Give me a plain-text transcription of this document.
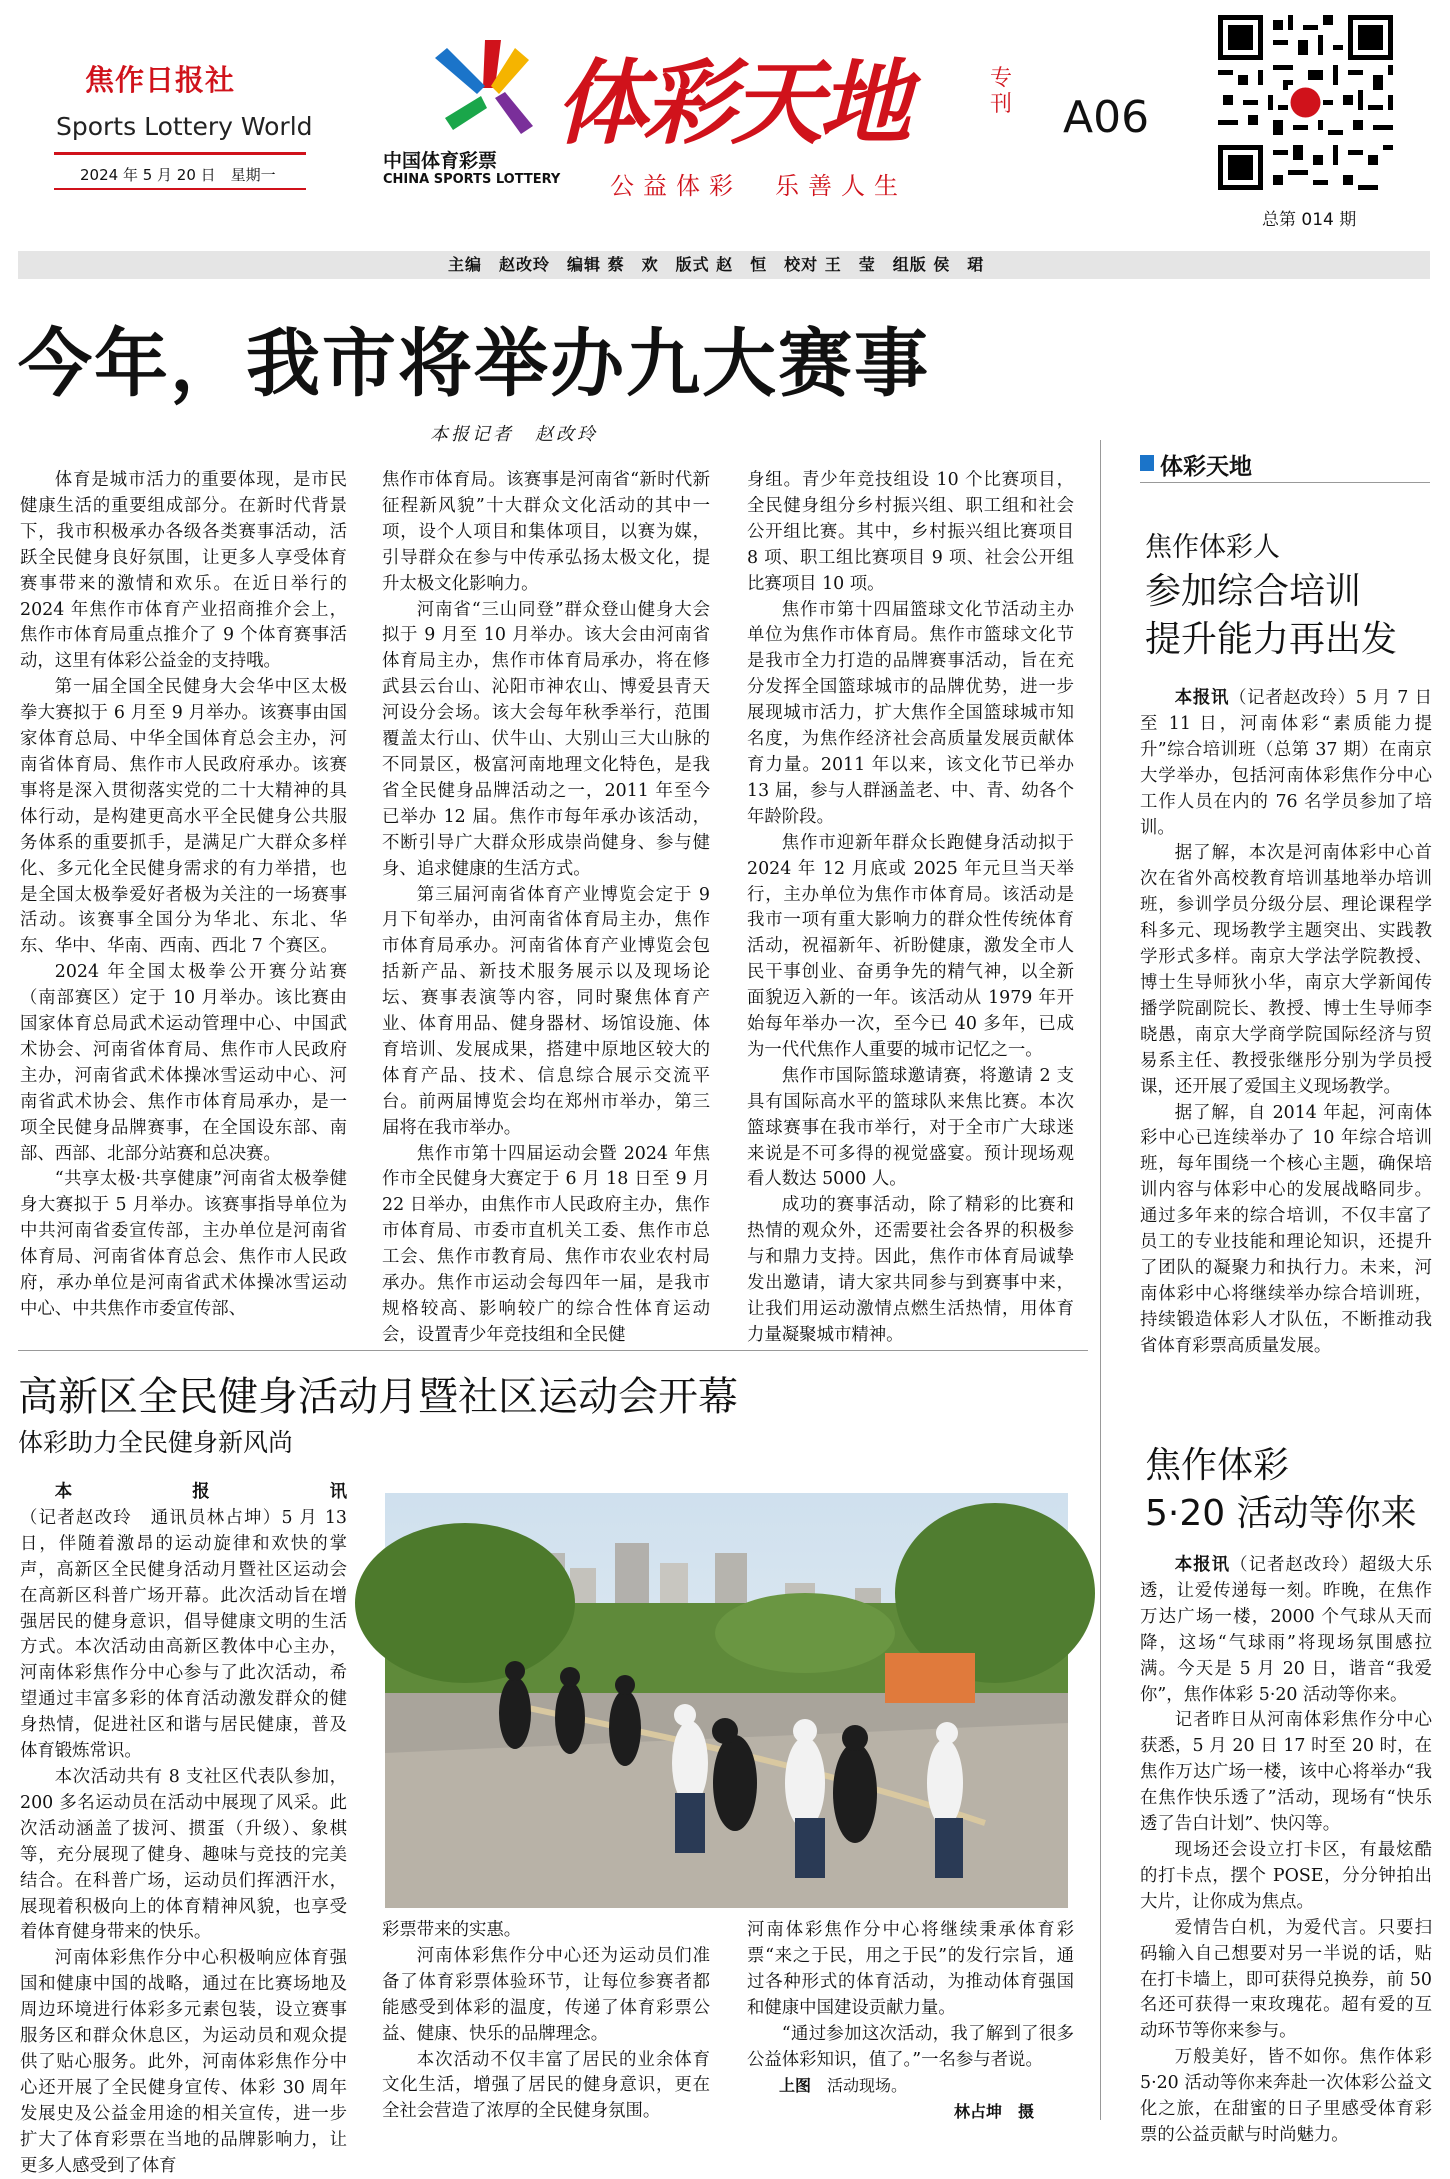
焦作日报社
Sports Lottery World
2024 年 5 月 20 日　星期一
中国体育彩票
CHINA SPORTS LOTTERY
体彩天地	专刊
公益体彩　乐善人生
A06
总第 014 期
主编　赵改玲　编辑 蔡　欢　版式 赵　恒　校对 王　莹　组版 侯　珺
今年，我市将举办九大赛事
本报记者　赵改玲

体育是城市活力的重要体现，是市民健康生活的重要组成部分。在新时代背景下，我市积极承办各级各类赛事活动，活跃全民健身良好氛围，让更多人享受体育赛事带来的激情和欢乐。在近日举行的 2024 年焦作市体育产业招商推介会上，焦作市体育局重点推介了 9 个体育赛事活动，这里有体彩公益金的支持哦。

第一届全国全民健身大会华中区太极拳大赛拟于 6 月至 9 月举办。该赛事由国家体育总局、中华全国体育总会主办，河南省体育局、焦作市人民政府承办。该赛事将是深入贯彻落实党的二十大精神的具体行动，是构建更高水平全民健身公共服务体系的重要抓手，是满足广大群众多样化、多元化全民健身需求的有力举措，也是全国太极拳爱好者极为关注的一场赛事活动。该赛事全国分为华北、东北、华东、华中、华南、西南、西北 7 个赛区。

2024 年全国太极拳公开赛分站赛（南部赛区）定于 10 月举办。该比赛由国家体育总局武术运动管理中心、中国武术协会、河南省体育局、焦作市人民政府主办，河南省武术体操冰雪运动中心、河南省武术协会、焦作市体育局承办，是一项全民健身品牌赛事，在全国设东部、南部、西部、北部分站赛和总决赛。

“共享太极·共享健康”河南省太极拳健身大赛拟于 5 月举办。该赛事指导单位为中共河南省委宣传部，主办单位是河南省体育局、河南省体育总会、焦作市人民政府，承办单位是河南省武术体操冰雪运动中心、中共焦作市委宣传部、

焦作市体育局。该赛事是河南省“新时代新征程新风貌”十大群众文化活动的其中一项，设个人项目和集体项目，以赛为媒，引导群众在参与中传承弘扬太极文化，提升太极文化影响力。

河南省“三山同登”群众登山健身大会拟于 9 月至 10 月举办。该大会由河南省体育局主办，焦作市体育局承办，将在修武县云台山、沁阳市神农山、博爱县青天河设分会场。该大会每年秋季举行，范围覆盖太行山、伏牛山、大别山三大山脉的不同景区，极富河南地理文化特色，是我省全民健身品牌活动之一，2011 年至今已举办 12 届。焦作市每年承办该活动，不断引导广大群众形成崇尚健身、参与健身、追求健康的生活方式。

第三届河南省体育产业博览会定于 9 月下旬举办，由河南省体育局主办，焦作市体育局承办。河南省体育产业博览会包括新产品、新技术服务展示以及现场论坛、赛事表演等内容，同时聚焦体育产业、体育用品、健身器材、场馆设施、体育培训、发展成果，搭建中原地区较大的体育产品、技术、信息综合展示交流平台。前两届博览会均在郑州市举办，第三届将在我市举办。

焦作市第十四届运动会暨 2024 年焦作市全民健身大赛定于 6 月 18 日至 9 月 22 日举办，由焦作市人民政府主办，焦作市体育局、市委市直机关工委、焦作市总工会、焦作市教育局、焦作市农业农村局承办。焦作市运动会每四年一届，是我市规格较高、影响较广的综合性体育运动会，设置青少年竞技组和全民健

身组。青少年竞技组设 10 个比赛项目，全民健身组分乡村振兴组、职工组和社会公开组比赛。其中，乡村振兴组比赛项目 8 项、职工组比赛项目 9 项、社会公开组比赛项目 10 项。

焦作市第十四届篮球文化节活动主办单位为焦作市体育局。焦作市篮球文化节是我市全力打造的品牌赛事活动，旨在充分发挥全国篮球城市的品牌优势，进一步展现城市活力，扩大焦作全国篮球城市知名度，为焦作经济社会高质量发展贡献体育力量。2011 年以来，该文化节已举办 13 届，参与人群涵盖老、中、青、幼各个年龄阶段。

焦作市迎新年群众长跑健身活动拟于 2024 年 12 月底或 2025 年元旦当天举行，主办单位为焦作市体育局。该活动是我市一项有重大影响力的群众性传统体育活动，祝福新年、祈盼健康，激发全市人民干事创业、奋勇争先的精气神，以全新面貌迈入新的一年。该活动从 1979 年开始每年举办一次，至今已 40 多年，已成为一代代焦作人重要的城市记忆之一。

焦作市国际篮球邀请赛，将邀请 2 支具有国际高水平的篮球队来焦比赛。本次篮球赛事在我市举行，对于全市广大球迷来说是不可多得的视觉盛宴。预计现场观看人数达 5000 人。

成功的赛事活动，除了精彩的比赛和热情的观众外，还需要社会各界的积极参与和鼎力支持。因此，焦作市体育局诚挚发出邀请，请大家共同参与到赛事中来，让我们用运动激情点燃生活热情，用体育力量凝聚城市精神。

体彩天地
焦作体彩人
参加综合培训
提升能力再出发

本报讯（记者赵改玲）5 月 7 日至 11 日，河南体彩“素质能力提升”综合培训班（总第 37 期）在南京大学举办，包括河南体彩焦作分中心工作人员在内的 76 名学员参加了培训。

据了解，本次是河南体彩中心首次在省外高校教育培训基地举办培训班，参训学员分级分层、理论课程学科多元、现场教学主题突出、实践教学形式多样。南京大学法学院教授、博士生导师狄小华，南京大学新闻传播学院副院长、教授、博士生导师李晓愚，南京大学商学院国际经济与贸易系主任、教授张继彤分别为学员授课，还开展了爱国主义现场教学。

据了解，自 2014 年起，河南体彩中心已连续举办了 10 年综合培训班，每年围绕一个核心主题，确保培训内容与体彩中心的发展战略同步。通过多年来的综合培训，不仅丰富了员工的专业技能和理论知识，还提升了团队的凝聚力和执行力。未来，河南体彩中心将继续举办综合培训班，持续锻造体彩人才队伍，不断推动我省体育彩票高质量发展。

高新区全民健身活动月暨社区运动会开幕
体彩助力全民健身新风尚

本报讯（记者赵改玲　通讯员林占坤）5 月 13 日，伴随着激昂的运动旋律和欢快的掌声，高新区全民健身活动月暨社区运动会在高新区科普广场开幕。此次活动旨在增强居民的健身意识，倡导健康文明的生活方式。本次活动由高新区教体中心主办，河南体彩焦作分中心参与了此次活动，希望通过丰富多彩的体育活动激发群众的健身热情，促进社区和谐与居民健康，普及体育锻炼常识。

本次活动共有 8 支社区代表队参加，200 多名运动员在活动中展现了风采。此次活动涵盖了拔河、掼蛋（升级）、象棋等，充分展现了健身、趣味与竞技的完美结合。在科普广场，运动员们挥洒汗水，展现着积极向上的体育精神风貌，也享受着体育健身带来的快乐。

河南体彩焦作分中心积极响应体育强国和健康中国的战略，通过在比赛场地及周边环境进行体彩多元素包装，设立赛事服务区和群众休息区，为运动员和观众提供了贴心服务。此外，河南体彩焦作分中心还开展了全民健身宣传、体彩 30 周年发展史及公益金用途的相关宣传，进一步扩大了体育彩票在当地的品牌影响力，让更多人感受到了体育

彩票带来的实惠。

河南体彩焦作分中心还为运动员们准备了体育彩票体验环节，让每位参赛者都能感受到体彩的温度，传递了体育彩票公益、健康、快乐的品牌理念。

本次活动不仅丰富了居民的业余体育文化生活，增强了居民的健身意识，更在全社会营造了浓厚的全民健身氛围。

河南体彩焦作分中心将继续秉承体育彩票“来之于民，用之于民”的发行宗旨，通过各种形式的体育活动，为推动体育强国和健康中国建设贡献力量。

“通过参加这次活动，我了解到了很多公益体彩知识，值了。”一名参与者说。

上图　 活动现场。

林占坤　摄

焦作体彩
5·20 活动等你来

本报讯（记者赵改玲）超级大乐透，让爱传递每一刻。昨晚，在焦作万达广场一楼，2000 个气球从天而降，这场“气球雨”将现场氛围感拉满。今天是 5 月 20 日，谐音“我爱你”，焦作体彩 5·20 活动等你来。

记者昨日从河南体彩焦作分中心获悉，5 月 20 日 17 时至 20 时，在焦作万达广场一楼，该中心将举办“我在焦作快乐透了”活动，现场有“快乐透了告白计划”、快闪等。

现场还会设立打卡区，有最炫酷的打卡点，摆个 POSE，分分钟拍出大片，让你成为焦点。

爱情告白机，为爱代言。只要扫码输入自己想要对另一半说的话，贴在打卡墙上，即可获得兑换券，前 50 名还可获得一束玫瑰花。超有爱的互动环节等你来参与。

万般美好，皆不如你。焦作体彩 5·20 活动等你来奔赴一次体彩公益文化之旅，在甜蜜的日子里感受体育彩票的公益贡献与时尚魅力。
